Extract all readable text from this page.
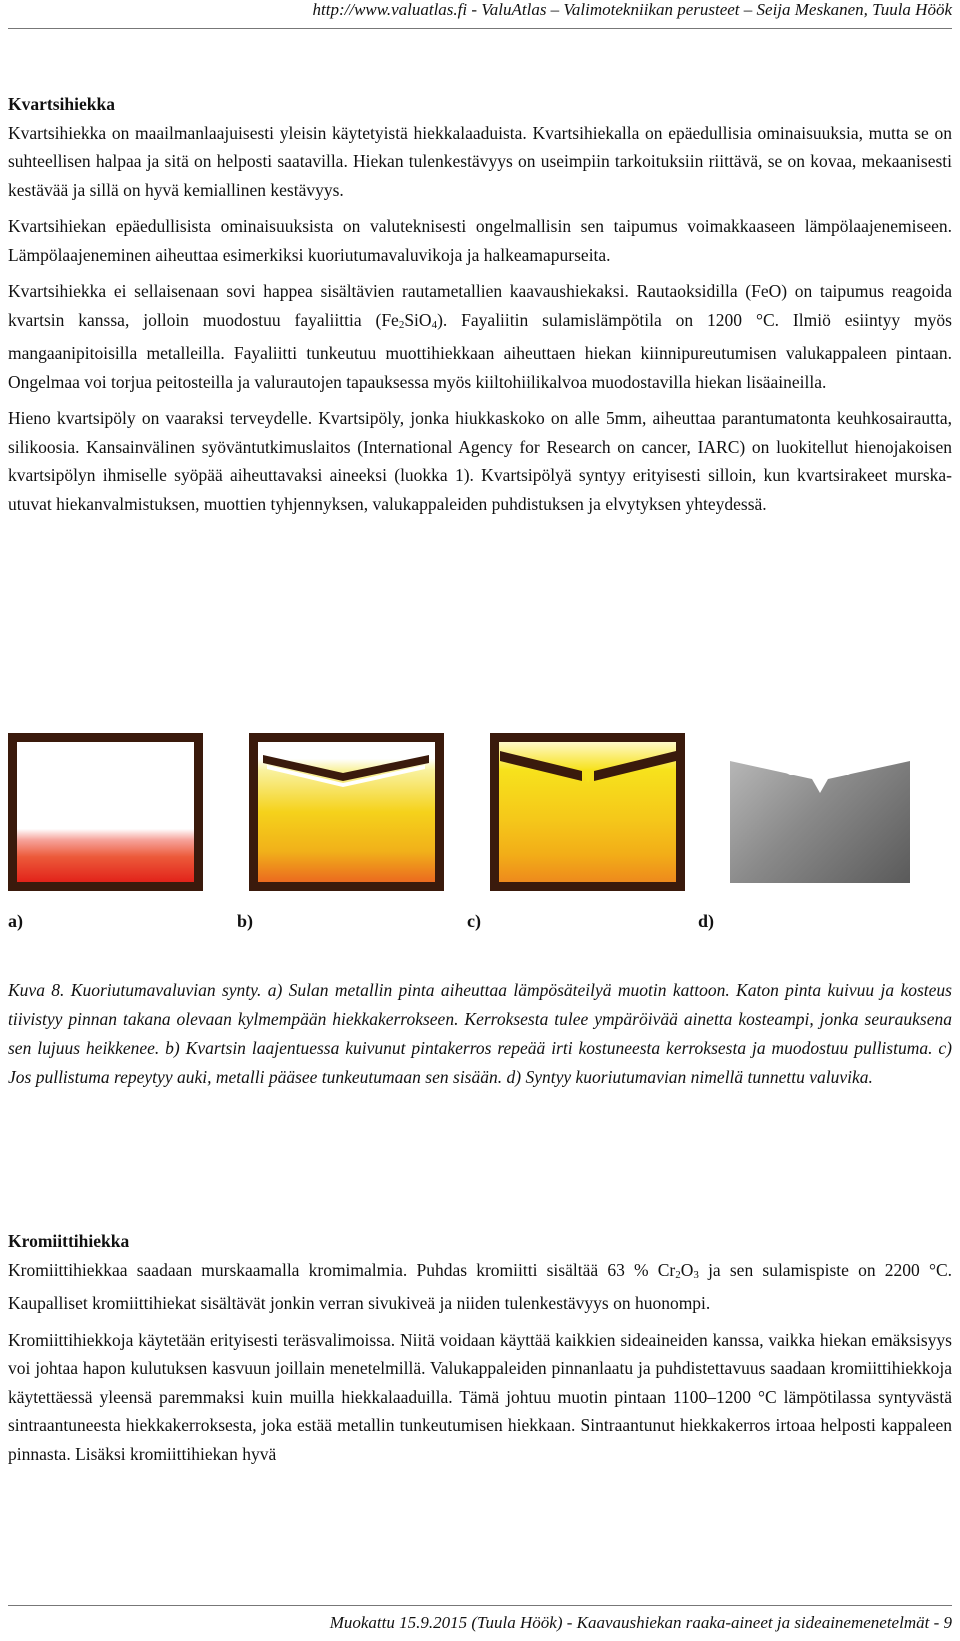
http://www.valuatlas.fi - ValuAtlas – Valimotekniikan perusteet – Seija Meskanen, Tuula Höök
Kvartsihiekka

Kvartsihiekka on maailmanlaajuisesti yleisin käytetyistä hiekkalaaduista. Kvartsihiekalla on epäedullisia ominaisuuksia, mutta se on suhteellisen halpaa ja sitä on helposti saatavilla. Hiekan tulenkestävyys on useimpiin tarkoituksiin riittävä, se on kovaa, mekaanisesti kestävää ja sillä on hyvä kemiallinen kestävyys.

Kvartsihiekan epäedullisista ominaisuuksista on valuteknisesti ongelmallisin sen taipumus voimakkaaseen lämpölaajenemiseen. Lämpölaajeneminen aiheuttaa esimerkiksi kuoriutumavaluvikoja ja halkeamapurseita.

Kvartsihiekka ei sellaisenaan sovi happea sisältävien rautametallien kaavaushiekaksi. Rautaoksidilla (FeO) on taipumus reagoida kvartsin kanssa, jolloin muodostuu fayaliittia $(Fe_2SiO_4)$. Fayaliitin sulamislämpötila on 1200 °C. Ilmiö esiintyy myös mangaanipitoisilla metalleilla. Fayaliitti tunkeutuu muottihiekkaan aiheuttaen hiekan kiinnipureutumisen valukappaleen pintaan. Ongelmaa voi torjua peitosteilla ja valurautojen tapauksessa myös kiiltohiilikalvoa muodostavilla hiekan lisäaineilla.

Hieno kvartsipöly on vaaraksi terveydelle. Kvartsipöly, jonka hiukkaskoko on alle 5mm, aiheuttaa parantumatonta keuhkosairautta, silikoosia. Kansainvälinen syöväntutkimuslaitos (International Agency for Research on cancer, IARC) on luokitellut hienojakoisen kvartsipölyn ihmiselle syöpää aiheuttavaksi aineeksi (luokka 1). Kvartsipölyä syntyy erityisesti silloin, kun kvartsirakeet murskautuvat hiekanvalmistuksen, muottien tyhjennyksen, valukappaleiden puhdistuksen ja elvytyksen yhteydessä.

a)	b)	c)	d)
Kuva 8. Kuoriutumavaluvian synty. a) Sulan metallin pinta aiheuttaa lämpösäteilyä muotin kattoon. Katon pinta kuivuu ja kosteus tiivistyy pinnan takana olevaan kylmempään hiekkakerrokseen. Kerroksesta tulee ympäröivää ainetta kosteampi, jonka seurauksena sen lujuus heikkenee. b) Kvartsin laajentuessa kuivunut pintakerros repeää irti kostuneesta kerroksesta ja muodostuu pullistuma. c) Jos pullistuma repeytyy auki, metalli pääsee tunkeutumaan sen sisään. d) Syntyy kuoriutumavian nimellä tunnettu valuvika.
Kromiittihiekka

Kromiittihiekkaa saadaan murskaamalla kromimalmia. Puhdas kromiitti sisältää 63 % $Cr_2O_3$ ja sen sulamispiste on 2200 °C. Kaupalliset kromiittihiekat sisältävät jonkin verran sivukiveä ja niiden tulenkestävyys on huonompi.

Kromiittihiekkoja käytetään erityisesti teräsvalimoissa. Niitä voidaan käyttää kaikkien sideaineiden kanssa, vaikka hiekan emäksisyys voi johtaa hapon kulutuksen kasvuun joillain menetelmillä. Valukappaleiden pinnanlaatu ja puhdistettavuus saadaan kromiittihiekkoja käytettäessä yleensä paremmaksi kuin muilla hiekkalaaduilla. Tämä johtuu muotin pintaan 1100–1200 °C lämpötilassa syntyvästä sintraantuneesta hiekkakerroksesta, joka estää metallin tunkeutumisen hiekkaan. Sintraantunut hiekkakerros irtoaa helposti kappaleen pinnasta. Lisäksi kromiittihiekan hyvä

Muokattu 15.9.2015 (Tuula Höök) - Kaavaushiekan raaka-aineet ja sideainemenetelmät - 9
